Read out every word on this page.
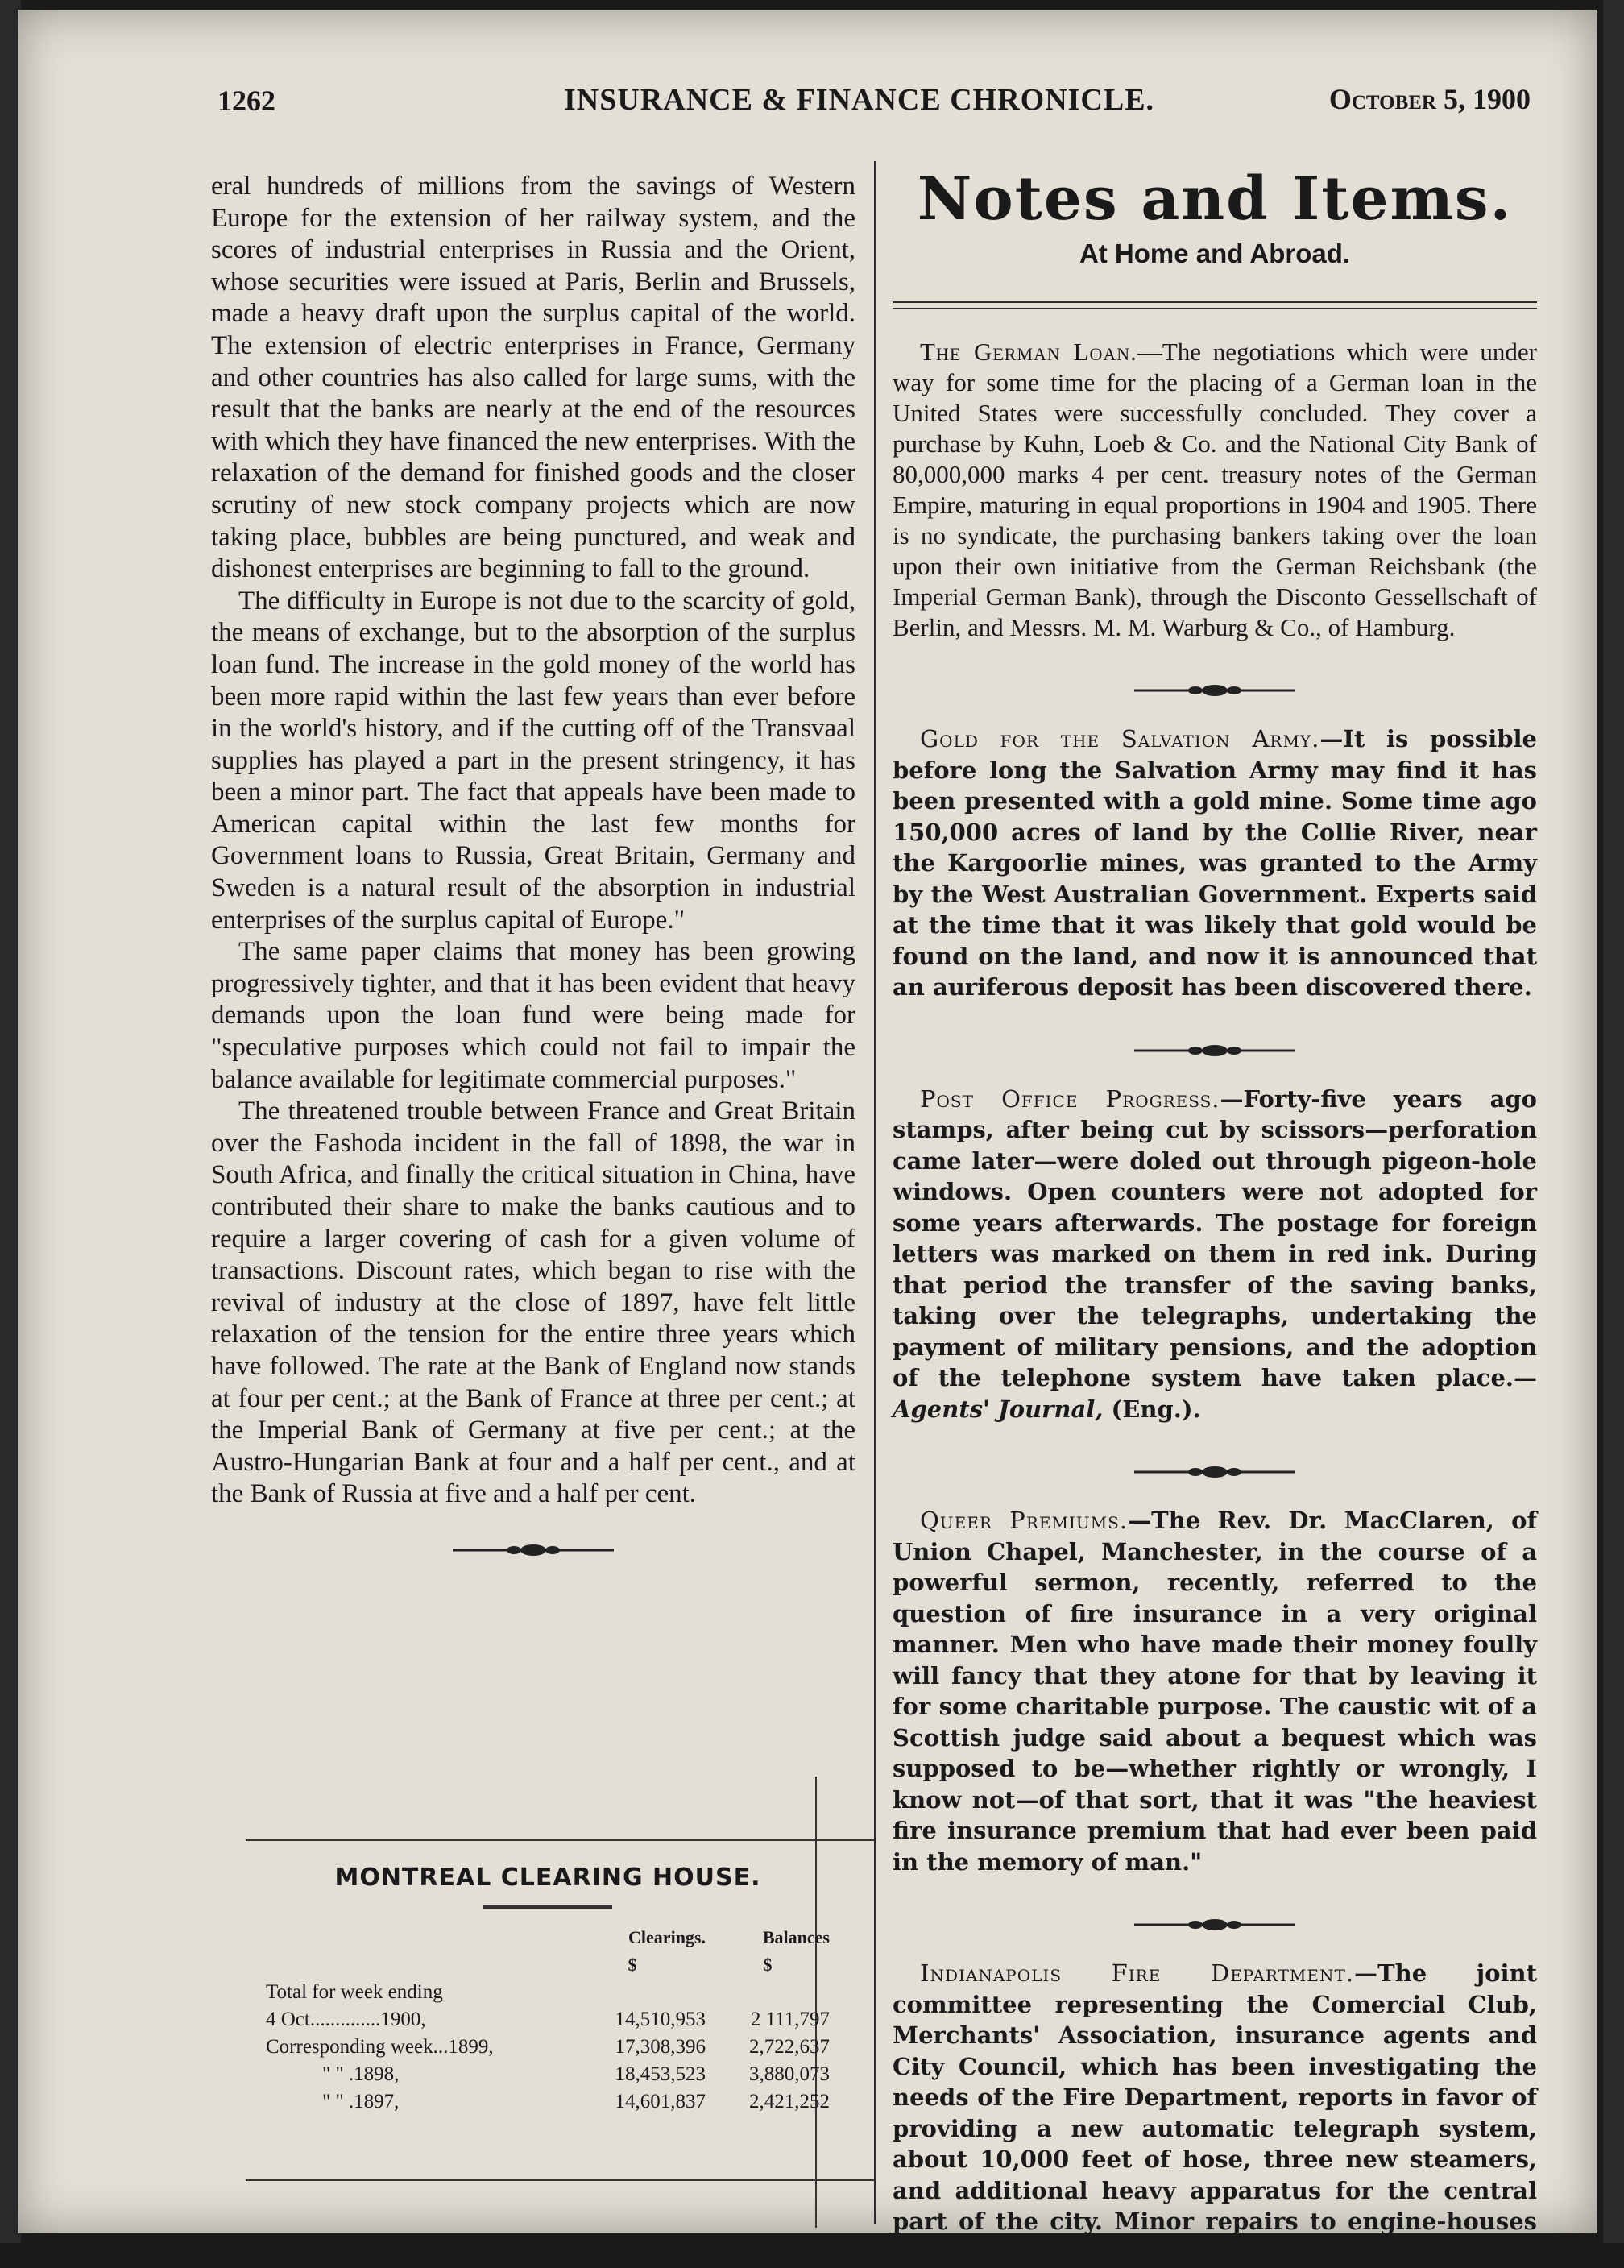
1262	INSURANCE & FINANCE CHRONICLE.	October 5, 1900

eral hundreds of millions from the savings of Western Europe for the extension of her railway system, and the scores of industrial enterprises in Russia and the Orient, whose securities were issued at Paris, Berlin and Brussels, made a heavy draft upon the surplus capital of the world. The extension of electric enterprises in France, Germany and other countries has also called for large sums, with the result that the banks are nearly at the end of the resources with which they have financed the new enterprises. With the relaxation of the demand for finished goods and the closer scrutiny of new stock company projects which are now taking place, bubbles are being punctured, and weak and dishonest enterprises are beginning to fall to the ground.

The difficulty in Europe is not due to the scarcity of gold, the means of exchange, but to the absorption of the surplus loan fund. The increase in the gold money of the world has been more rapid within the last few years than ever before in the world's history, and if the cutting off of the Transvaal supplies has played a part in the present stringency, it has been a minor part. The fact that appeals have been made to American capital within the last few months for Government loans to Russia, Great Britain, Germany and Sweden is a natural result of the absorption in industrial enterprises of the surplus capital of Europe."

The same paper claims that money has been growing progressively tighter, and that it has been evident that heavy demands upon the loan fund were being made for "speculative purposes which could not fail to impair the balance available for legitimate commercial purposes."

The threatened trouble between France and Great Britain over the Fashoda incident in the fall of 1898, the war in South Africa, and finally the critical situation in China, have contributed their share to make the banks cautious and to require a larger covering of cash for a given volume of transactions. Discount rates, which began to rise with the revival of industry at the close of 1897, have felt little relaxation of the tension for the entire three years which have followed. The rate at the Bank of England now stands at four per cent.; at the Bank of France at three per cent.; at the Imperial Bank of Germany at five per cent.; at the Austro-Hungarian Bank at four and a half per cent., and at the Bank of Russia at five and a half per cent.

MONTREAL CLEARING HOUSE.
	Clearings.	Balances
	$	$
Total for week ending		
4 Oct..............1900,	14,510,953	2 111,797
Corresponding week...1899,	17,308,396	2,722,637
" " .1898,	18,453,523	3,880,073
" " .1897,	14,601,837	2,421,252
Notes and Items.
At Home and Abroad.
The German Loan.—The negotiations which were under way for some time for the placing of a German loan in the United States were successfully concluded. They cover a purchase by Kuhn, Loeb & Co. and the National City Bank of 80,000,000 marks 4 per cent. treasury notes of the German Empire, maturing in equal proportions in 1904 and 1905. There is no syndicate, the purchasing bankers taking over the loan upon their own initiative from the German Reichsbank (the Imperial German Bank), through the Disconto Gessellschaft of Berlin, and Messrs. M. M. Warburg & Co., of Hamburg.
Gold for the Salvation Army.—It is possible before long the Salvation Army may find it has been presented with a gold mine. Some time ago 150,000 acres of land by the Collie River, near the Kargoorlie mines, was granted to the Army by the West Australian Government. Experts said at the time that it was likely that gold would be found on the land, and now it is announced that an auriferous deposit has been discovered there.
Post Office Progress.—Forty-five years ago stamps, after being cut by scissors—perforation came later—were doled out through pigeon-hole windows. Open counters were not adopted for some years afterwards. The postage for foreign letters was marked on them in red ink. During that period the transfer of the saving banks, taking over the telegraphs, undertaking the payment of military pensions, and the adoption of the telephone system have taken place.—Agents' Journal, (Eng.).
Queer Premiums.—The Rev. Dr. MacClaren, of Union Chapel, Manchester, in the course of a powerful sermon, recently, referred to the question of fire insurance in a very original manner. Men who have made their money foully will fancy that they atone for that by leaving it for some charitable purpose. The caustic wit of a Scottish judge said about a bequest which was supposed to be—whether rightly or wrongly, I know not—of that sort, that it was "the heaviest fire insurance premium that had ever been paid in the memory of man."
Indianapolis Fire Department.—The joint committee representing the Comercial Club, Merchants' Association, insurance agents and City Council, which has been investigating the needs of the Fire Department, reports in favor of providing a new automatic telegraph system, about 10,000 feet of hose, three new steamers, and additional heavy apparatus for the central part of the city. Minor repairs to engine-houses costing about $130,000 are
